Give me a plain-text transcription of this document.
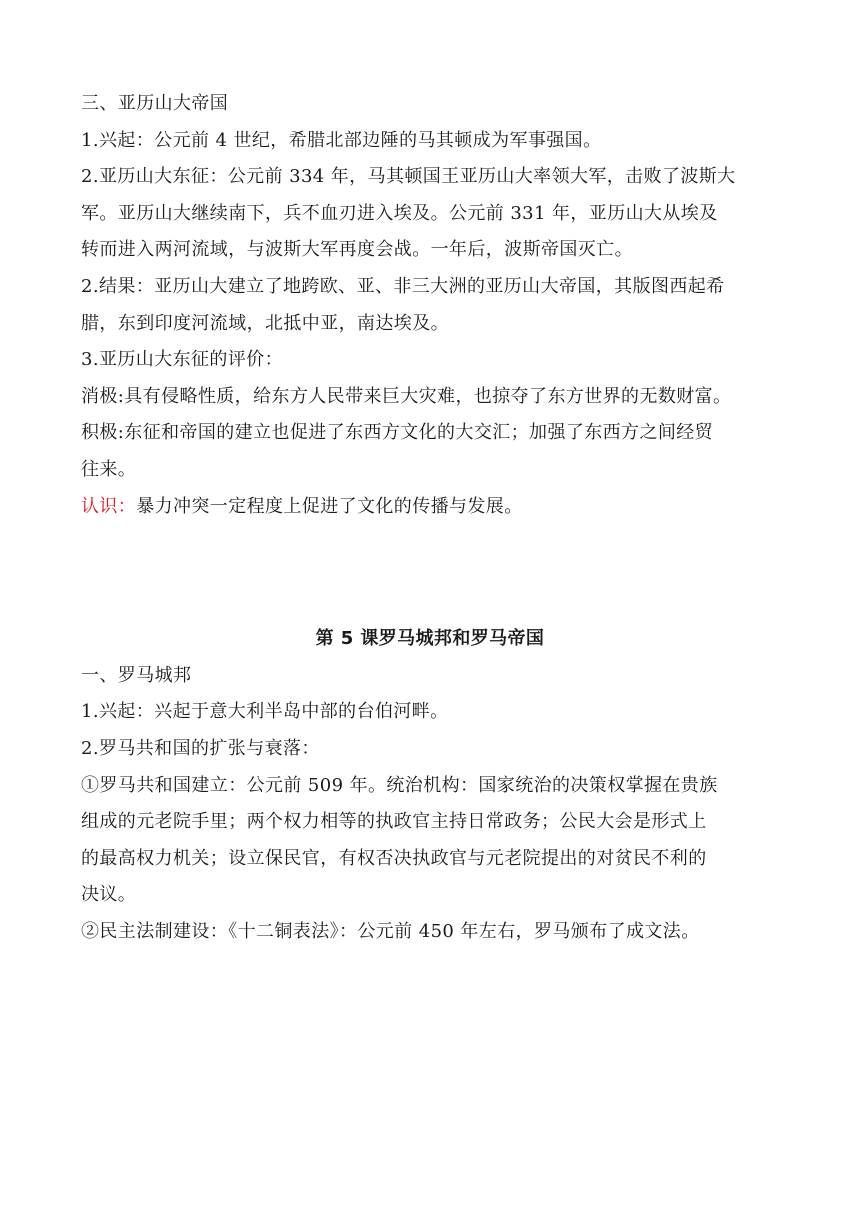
三、亚历山大帝国

1.兴起：公元前 4 世纪，希腊北部边陲的马其顿成为军事强国。

2.亚历山大东征：公元前 334 年，马其顿国王亚历山大率领大军，击败了波斯大

军。亚历山大继续南下，兵不血刃进入埃及。公元前 331 年，亚历山大从埃及

转而进入两河流域，与波斯大军再度会战。一年后，波斯帝国灭亡。

2.结果：亚历山大建立了地跨欧、亚、非三大洲的亚历山大帝国，其版图西起希

腊，东到印度河流域，北抵中亚，南达埃及。

3.亚历山大东征的评价：

消极:具有侵略性质，给东方人民带来巨大灾难，也掠夺了东方世界的无数财富。

积极:东征和帝国的建立也促进了东西方文化的大交汇；加强了东西方之间经贸

往来。

认识：暴力冲突一定程度上促进了文化的传播与发展。

第 5 课罗马城邦和罗马帝国

一、罗马城邦

1.兴起：兴起于意大利半岛中部的台伯河畔。

2.罗马共和国的扩张与衰落：

①罗马共和国建立：公元前 509 年。统治机构：国家统治的决策权掌握在贵族

组成的元老院手里；两个权力相等的执政官主持日常政务；公民大会是形式上

的最高权力机关；设立保民官，有权否决执政官与元老院提出的对贫民不利的

决议。

②民主法制建设：《十二铜表法》：公元前 450 年左右，罗马颁布了成文法。
